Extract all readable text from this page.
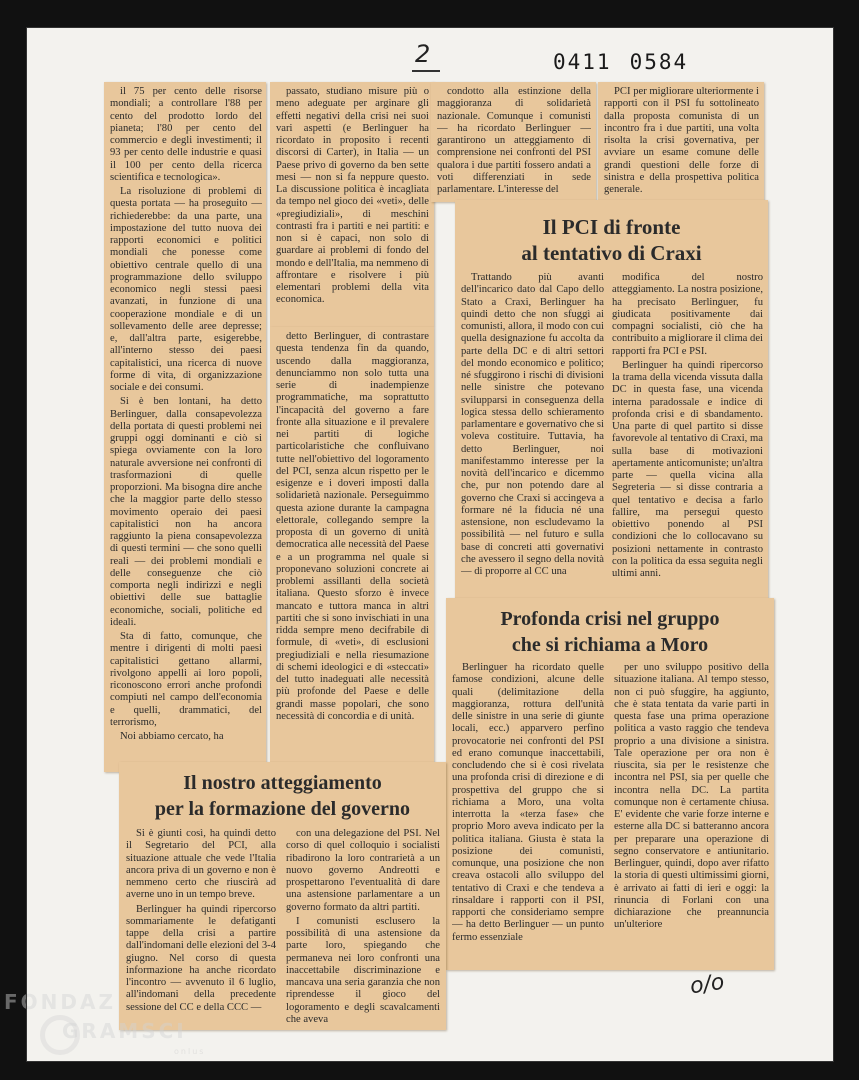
2	0411 0584
Il PCI di fronte
al tentativo di Craxi
Profonda crisi nel gruppo
che si richiama a Moro
Il nostro atteggiamento
per la formazione del governo

il 75 per cento delle risorse mondiali; a controllare l'88 per cento del prodotto lordo del pianeta; l'80 per cento del commercio e degli investimenti; il 93 per cento delle industrie e quasi il 100 per cento della ricerca scientifica e tecnologica».

La risoluzione di problemi di questa portata — ha proseguito — richiederebbe: da una parte, una impostazione del tutto nuova dei rapporti economici e politici mondiali che ponesse come obiettivo centrale quello di una programmazione dello sviluppo economico negli stessi paesi avanzati, in funzione di una cooperazione mondiale e di un sollevamento delle aree depresse; e, dall'altra parte, esigerebbe, all'interno stesso dei paesi capitalistici, una ricerca di nuove forme di vita, di organizzazione sociale e dei consumi.

Si è ben lontani, ha detto Berlinguer, dalla consapevolezza della portata di questi problemi nei gruppi oggi dominanti e ciò si spiega ovviamente con la loro naturale avversione nei confronti di trasformazioni di quelle proporzioni. Ma bisogna dire anche che la maggior parte dello stesso movimento operaio dei paesi capitalistici non ha ancora raggiunto la piena consapevolezza di questi termini — che sono quelli reali — dei problemi mondiali e delle conseguenze che ciò comporta negli indirizzi e negli obiettivi delle sue battaglie economiche, sociali, politiche ed ideali.

Sta di fatto, comunque, che mentre i dirigenti di molti paesi capitalistici gettano allarmi, rivolgono appelli ai loro popoli, riconoscono errori anche profondi compiuti nel campo dell'economia e quelli, drammatici, del terrorismo,

Noi abbiamo cercato, ha

passato, studiano misure più o meno adeguate per arginare gli effetti negativi della crisi nei suoi vari aspetti (e Berlinguer ha ricordato in proposito i recenti discorsi di Carter), in Italia — un Paese privo di governo da ben sette mesi — non si fa neppure questo. La discussione politica è incagliata da tempo nel gioco dei «veti», delle «pregiudiziali», di meschini contrasti fra i partiti e nei partiti: e non si è capaci, non solo di guardare ai problemi di fondo del mondo e dell'Italia, ma nemmeno di affrontare e risolvere i più elementari problemi della vita economica.

detto Berlinguer, di contrastare questa tendenza fin da quando, uscendo dalla maggioranza, denunciammo non solo tutta una serie di inadempienze programmatiche, ma soprattutto l'incapacità del governo a fare fronte alla situazione e il prevalere nei partiti di logiche particolaristiche che confluivano tutte nell'obiettivo del logoramento del PCI, senza alcun rispetto per le esigenze e i doveri imposti dalla solidarietà nazionale. Perseguimmo questa azione durante la campagna elettorale, collegando sempre la proposta di un governo di unità democratica alle necessità del Paese e a un programma nel quale si proponevano soluzioni concrete ai problemi assillanti della società italiana. Questo sforzo è invece mancato e tuttora manca in altri partiti che si sono invischiati in una ridda sempre meno decifrabile di formule, di «veti», di esclusioni pregiudiziali e nella riesumazione di schemi ideologici e di «steccati» del tutto inadeguati alle necessità più profonde del Paese e delle grandi masse popolari, che sono necessità di concordia e di unità.

condotto alla estinzione della maggioranza di solidarietà nazionale. Comunque i comunisti — ha ricordato Berlinguer — garantirono un atteggiamento di comprensione nei confronti del PSI qualora i due partiti fossero andati a voti differenziati in sede parlamentare. L'interesse del

PCI per migliorare ulteriormente i rapporti con il PSI fu sottolineato dalla proposta comunista di un incontro fra i due partiti, una volta risolta la crisi governativa, per avviare un esame comune delle grandi questioni delle forze di sinistra e della prospettiva politica generale.

Trattando più avanti dell'incarico dato dal Capo dello Stato a Craxi, Berlinguer ha quindi detto che non sfuggì ai comunisti, allora, il modo con cui quella designazione fu accolta da parte della DC e di altri settori del mondo economico e politico; né sfuggirono i rischi di divisioni nelle sinistre che potevano svilupparsi in conseguenza della logica stessa dello schieramento parlamentare e governativo che si voleva costituire. Tuttavia, ha detto Berlinguer, noi manifestammo interesse per la novità dell'incarico e dicemmo che, pur non potendo dare al governo che Craxi si accingeva a formare né la fiducia né una astensione, non escludevamo la possibilità — nel futuro e sulla base di concreti atti governativi che avessero il segno della novità — di proporre al CC una

modifica del nostro atteggiamento. La nostra posizione, ha precisato Berlinguer, fu giudicata positivamente dai compagni socialisti, ciò che ha contribuito a migliorare il clima dei rapporti fra PCI e PSI.

Berlinguer ha quindi ripercorso la trama della vicenda vissuta dalla DC in questa fase, una vicenda interna paradossale e indice di profonda crisi e di sbandamento. Una parte di quel partito si disse favorevole al tentativo di Craxi, ma sulla base di motivazioni apertamente anticomuniste; un'altra parte — quella vicina alla Segreteria — si disse contraria a quel tentativo e decisa a farlo fallire, ma persegui questo obiettivo ponendo al PSI condizioni che lo collocavano su posizioni nettamente in contrasto con la politica da essa seguita negli ultimi anni.

Berlinguer ha ricordato quelle famose condizioni, alcune delle quali (delimitazione della maggioranza, rottura dell'unità delle sinistre in una serie di giunte locali, ecc.) apparvero perfino provocatorie nei confronti del PSI ed erano comunque inaccettabili, concludendo che si è così rivelata una profonda crisi di direzione e di prospettiva del gruppo che si richiama a Moro, una volta interrotta la «terza fase» che proprio Moro aveva indicato per la politica italiana. Giusta è stata la posizione dei comunisti, comunque, una posizione che non creava ostacoli allo sviluppo del tentativo di Craxi e che tendeva a rinsaldare i rapporti con il PSI, rapporti che consideriamo sempre — ha detto Berlinguer — un punto fermo essenziale

per uno sviluppo positivo della situazione italiana. Al tempo stesso, non ci può sfuggire, ha aggiunto, che è stata tentata da varie parti in questa fase una prima operazione politica a vasto raggio che tendeva proprio a una divisione a sinistra. Tale operazione per ora non è riuscita, sia per le resistenze che incontra nel PSI, sia per quelle che incontra nella DC. La partita comunque non è certamente chiusa. E' evidente che varie forze interne e esterne alla DC si batteranno ancora per preparare una operazione di segno conservatore e antiunitario. Berlinguer, quindi, dopo aver rifatto la storia di questi ultimissimi giorni, è arrivato ai fatti di ieri e oggi: la rinuncia di Forlani con una dichiarazione che preannuncia un'ulteriore

Si è giunti così, ha quindi detto il Segretario del PCI, alla situazione attuale che vede l'Italia ancora priva di un governo e non è nemmeno certo che riuscirà ad averne uno in un tempo breve.

Berlinguer ha quindi ripercorso sommariamente le defatiganti tappe della crisi a partire dall'indomani delle elezioni del 3-4 giugno. Nel corso di questa informazione ha anche ricordato l'incontro — avvenuto il 6 luglio, all'indomani della precedente sessione del CC e della CCC —

con una delegazione del PSI. Nel corso di quel colloquio i socialisti ribadirono la loro contrarietà a un nuovo governo Andreotti e prospettarono l'eventualità di dare una astensione parlamentare a un governo formato da altri partiti.

I comunisti esclusero la possibilità di una astensione da parte loro, spiegando che permaneva nei loro confronti una inaccettabile discriminazione e mancava una seria garanzia che non riprendesse il gioco del logoramento e degli scavalcamenti che aveva

o/o
FONDAZ
GRAMSCI
onlus
